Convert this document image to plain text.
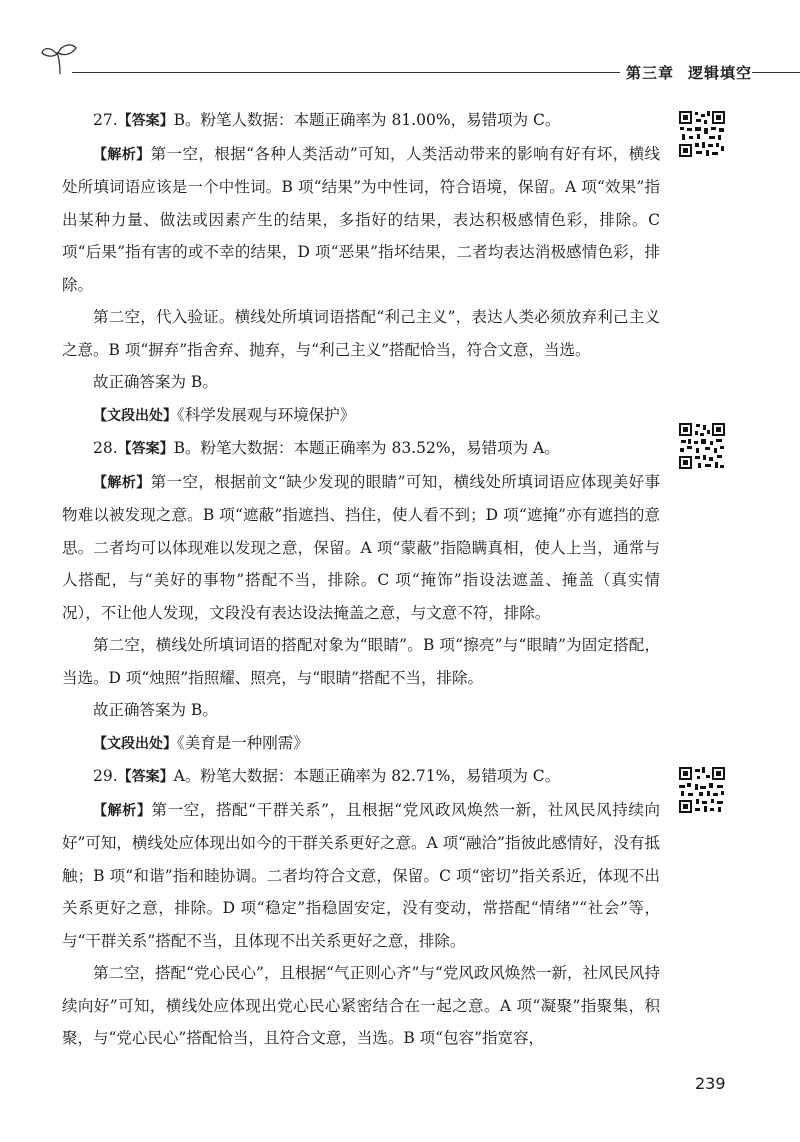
第三章 逻辑填空

27.【答案】B。粉笔人数据：本题正确率为 81.00%，易错项为 C。

【解析】第一空，根据“各种人类活动”可知，人类活动带来的影响有好有坏，横线处所填词语应该是一个中性词。B 项“结果”为中性词，符合语境，保留。A 项“效果”指出某种力量、做法或因素产生的结果，多指好的结果，表达积极感情色彩，排除。C 项“后果”指有害的或不幸的结果，D 项“恶果”指坏结果，二者均表达消极感情色彩，排除。

第二空，代入验证。横线处所填词语搭配“利己主义”，表达人类必须放弃利己主义之意。B 项“摒弃”指舍弃、抛弃，与“利己主义”搭配恰当，符合文意，当选。

故正确答案为 B。

【文段出处】《科学发展观与环境保护》

28.【答案】B。粉笔大数据：本题正确率为 83.52%，易错项为 A。

【解析】第一空，根据前文“缺少发现的眼睛”可知，横线处所填词语应体现美好事物难以被发现之意。B 项“遮蔽”指遮挡、挡住，使人看不到；D 项“遮掩”亦有遮挡的意思。二者均可以体现难以发现之意，保留。A 项“蒙蔽”指隐瞒真相，使人上当，通常与人搭配，与“美好的事物”搭配不当，排除。C 项“掩饰”指设法遮盖、掩盖（真实情况），不让他人发现，文段没有表达设法掩盖之意，与文意不符，排除。

第二空，横线处所填词语的搭配对象为“眼睛”。B 项“擦亮”与“眼睛”为固定搭配，当选。D 项“烛照”指照耀、照亮，与“眼睛”搭配不当，排除。

故正确答案为 B。

【文段出处】《美育是一种刚需》

29.【答案】A。粉笔大数据：本题正确率为 82.71%，易错项为 C。

【解析】第一空，搭配“干群关系”，且根据“党风政风焕然一新，社风民风持续向好”可知，横线处应体现出如今的干群关系更好之意。A 项“融洽”指彼此感情好，没有抵触；B 项“和谐”指和睦协调。二者均符合文意，保留。C 项“密切”指关系近，体现不出关系更好之意，排除。D 项“稳定”指稳固安定，没有变动，常搭配“情绪”“社会”等，与“干群关系”搭配不当，且体现不出关系更好之意，排除。

第二空，搭配“党心民心”，且根据“气正则心齐”与“党风政风焕然一新，社风民风持续向好”可知，横线处应体现出党心民心紧密结合在一起之意。A 项“凝聚”指聚集，积聚，与“党心民心”搭配恰当，且符合文意，当选。B 项“包容”指宽容，

239
